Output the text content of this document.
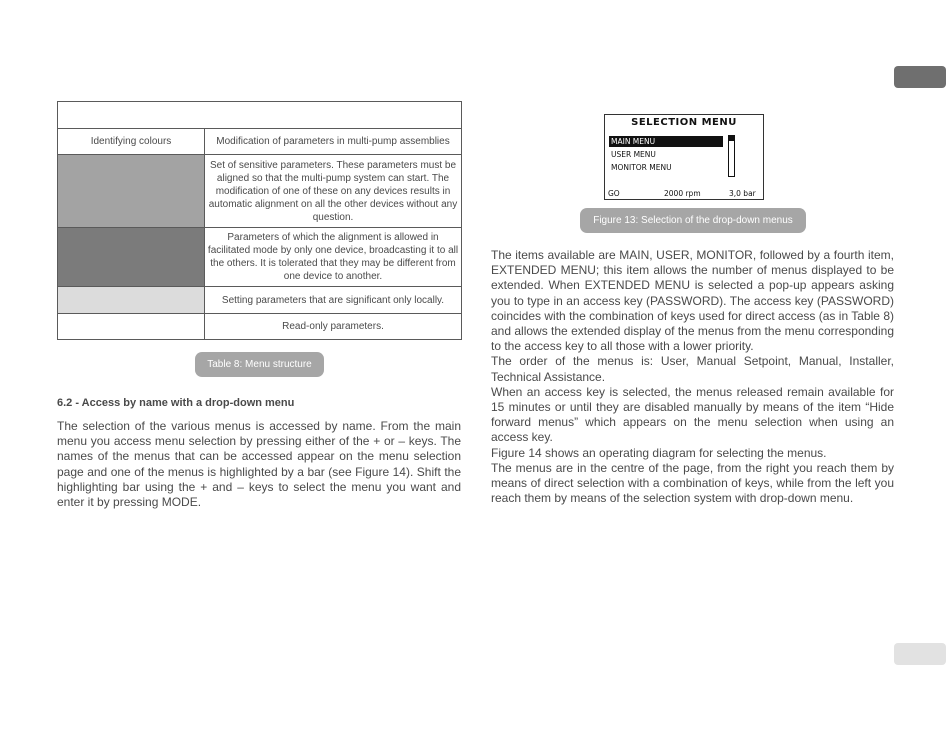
Identifying colours	Modification of parameters in multi-pump assemblies
	Set of sensitive parameters. These parameters must be aligned so that the multi-pump system can start. The modification of one of these on any devices results in automatic alignment on all the other devices without any question.
	Parameters of which the alignment is allowed in facilitated mode by only one device, broadcasting it to all the others. It is tolerated that they may be different from one device to another.
	Setting parameters that are significant only locally.
	Read-only parameters.
Table 8: Menu structure
6.2 - Access by name with a drop-down menu
The selection of the various menus is accessed by name. From the main menu you access menu selection by pressing either of the + or – keys. The names of the menus that can be accessed appear on the menu selection page and one of the menus is highlighted by a bar (see Figure 14). Shift the highlighting bar using the + and – keys to select the menu you want and enter it by pressing MODE.
SELECTION MENU
MAIN MENU
USER MENU
MONITOR MENU
GO	2000 rpm	3,0 bar
Figure 13: Selection of the drop-down menus

The items available are MAIN, USER, MONITOR, followed by a fourth item, EXTENDED MENU; this item allows the number of menus displayed to be extended. When EXTENDED MENU is selected a pop-up appears asking you to type in an access key (PASSWORD). The access key (PASSWORD) coincides with the combination of keys used for direct access (as in Table 8) and allows the extended display of the menus from the menu corresponding to the access key to all those with a lower priority.

The order of the menus is: User, Manual Setpoint, Manual, Installer, Technical Assistance.

When an access key is selected, the menus released remain available for 15 minutes or until they are disabled manually by means of the item “Hide forward menus” which appears on the menu selection when using an access key.

Figure 14 shows an operating diagram for selecting the menus.

The menus are in the centre of the page, from the right you reach them by means of direct selection with a combination of keys, while from the left you reach them by means of the selection system with drop-down menu.
